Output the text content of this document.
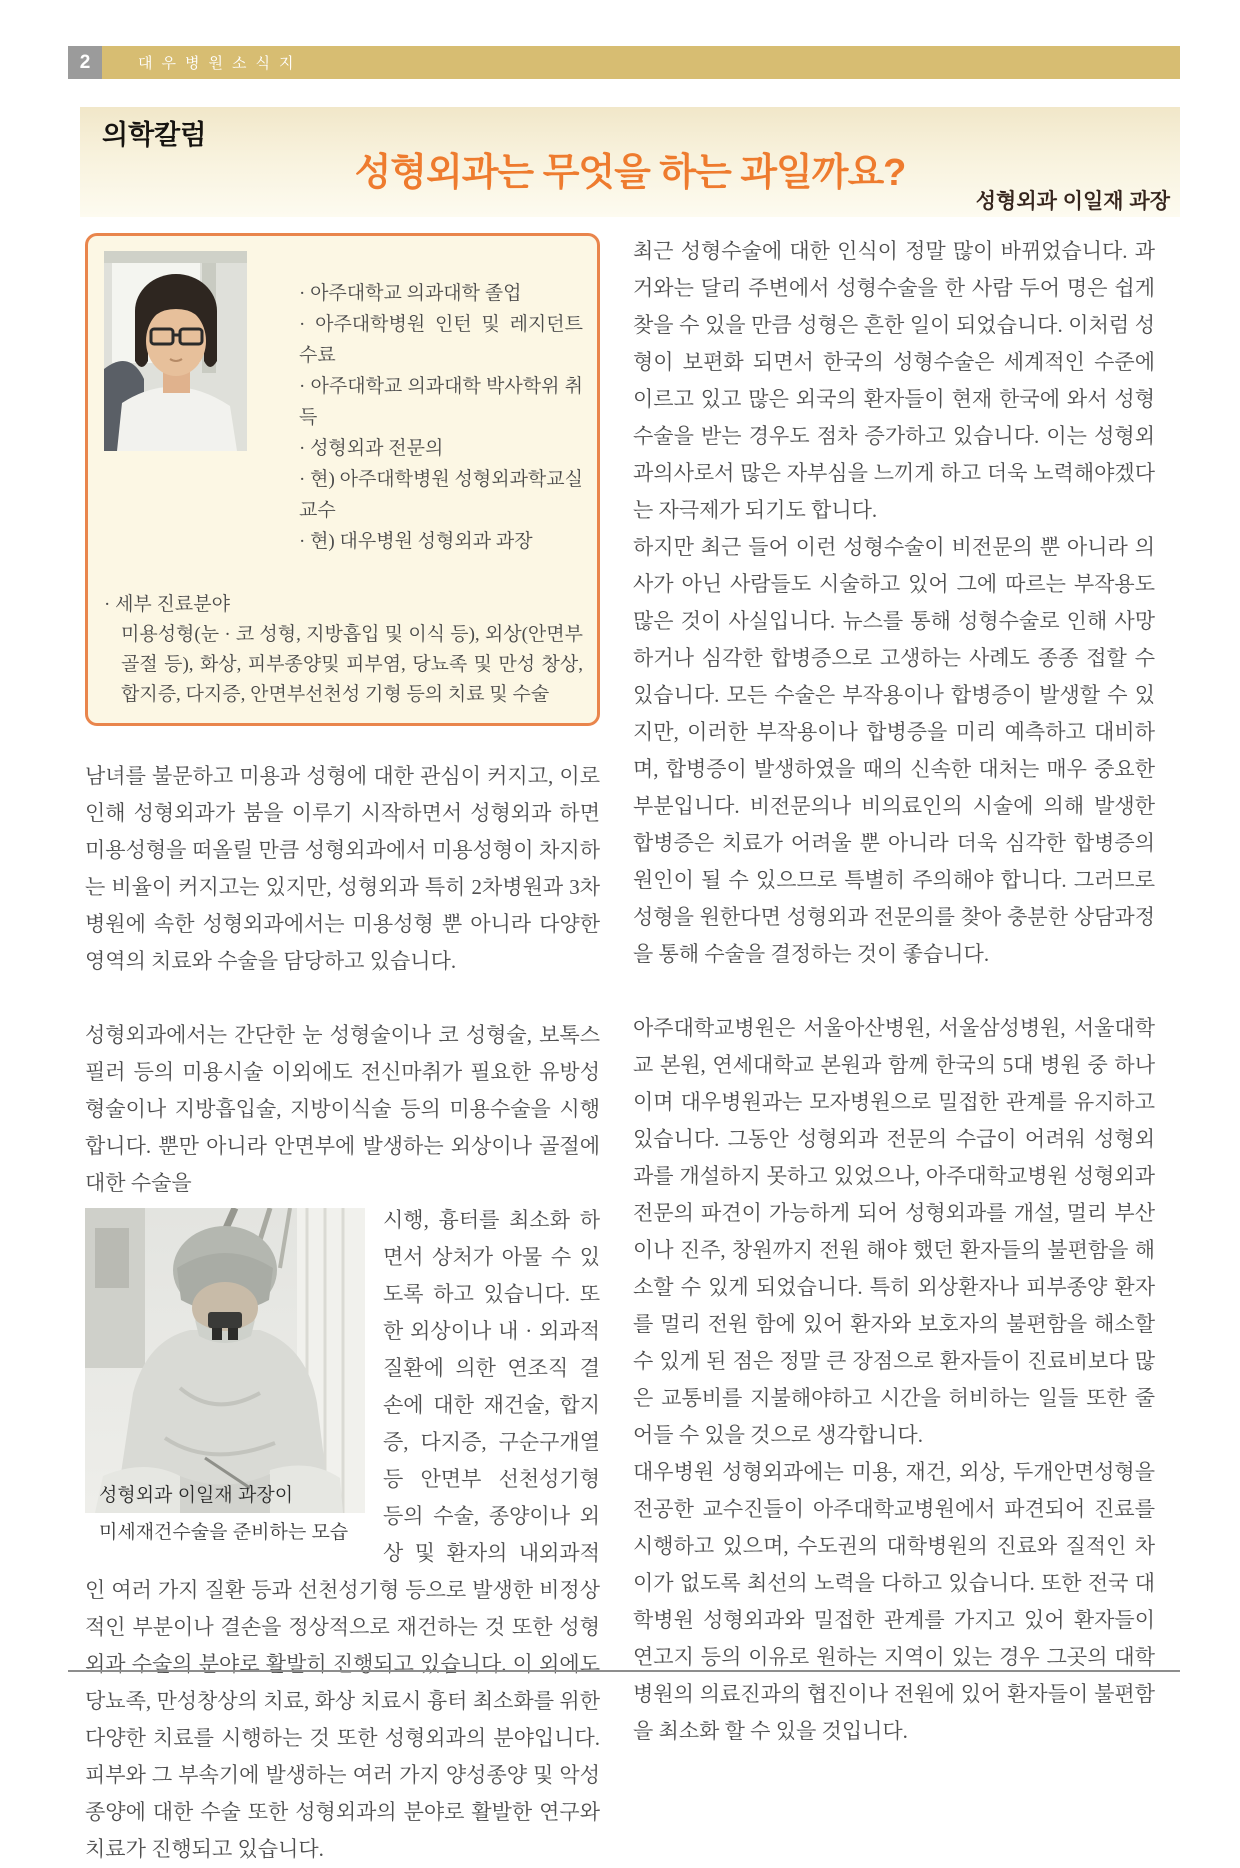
2	대우병원소식지
의학칼럼
성형외과는 무엇을 하는 과일까요?
성형외과 이일재 과장
· 아주대학교 의과대학 졸업
· 아주대학병원 인턴 및 레지던트 수료
· 아주대학교 의과대학 박사학위 취득
· 성형외과 전문의
· 현) 아주대학병원 성형외과학교실 교수
· 현) 대우병원 성형외과 과장
· 세부 진료분야
미용성형(눈 · 코 성형, 지방흡입 및 이식 등), 외상(안면부 골절 등), 화상, 피부종양및 피부염, 당뇨족 및 만성 창상, 합지증, 다지증, 안면부선천성 기형 등의 치료 및 수술

남녀를 불문하고 미용과 성형에 대한 관심이 커지고, 이로 인해 성형외과가 붐을 이루기 시작하면서 성형외과 하면 미용성형을 떠올릴 만큼 성형외과에서 미용성형이 차지하는 비율이 커지고는 있지만, 성형외과 특히 2차병원과 3차병원에 속한 성형외과에서는 미용성형 뿐 아니라 다양한 영역의 치료와 수술을 담당하고 있습니다.

성형외과에서는 간단한 눈 성형술이나 코 성형술, 보톡스 필러 등의 미용시술 이외에도 전신마취가 필요한 유방성형술이나 지방흡입술, 지방이식술 등의 미용수술을 시행합니다. 뿐만 아니라 안면부에 발생하는 외상이나 골절에 대한 수술을

성형외과 이일재 과장이
미세재건수술을 준비하는 모습
시행, 흉터를 최소화 하면서 상처가 아물 수 있도록 하고 있습니다. 또한 외상이나 내 · 외과적 질환에 의한 연조직 결손에 대한 재건술, 합지증, 다지증, 구순구개열 등 안면부 선천성기형 등의 수술, 종양이나 외상 및 환자의 내외과적인 여러 가지 질환 등과 선천성기형 등으로 발생한 비정상적인 부분이나 결손을 정상적으로 재건하는 것 또한 성형외과 수술의 분야로 활발히 진행되고 있습니다. 이 외에도 당뇨족, 만성창상의 치료, 화상 치료시 흉터 최소화를 위한 다양한 치료를 시행하는 것 또한 성형외과의 분야입니다. 피부와 그 부속기에 발생하는 여러 가지 양성종양 및 악성 종양에 대한 수술 또한 성형외과의 분야로 활발한 연구와 치료가 진행되고 있습니다.

최근 성형수술에 대한 인식이 정말 많이 바뀌었습니다. 과거와는 달리 주변에서 성형수술을 한 사람 두어 명은 쉽게 찾을 수 있을 만큼 성형은 흔한 일이 되었습니다. 이처럼 성형이 보편화 되면서 한국의 성형수술은 세계적인 수준에 이르고 있고 많은 외국의 환자들이 현재 한국에 와서 성형수술을 받는 경우도 점차 증가하고 있습니다. 이는 성형외과의사로서 많은 자부심을 느끼게 하고 더욱 노력해야겠다는 자극제가 되기도 합니다.

하지만 최근 들어 이런 성형수술이 비전문의 뿐 아니라 의사가 아닌 사람들도 시술하고 있어 그에 따르는 부작용도 많은 것이 사실입니다. 뉴스를 통해 성형수술로 인해 사망하거나 심각한 합병증으로 고생하는 사례도 종종 접할 수 있습니다. 모든 수술은 부작용이나 합병증이 발생할 수 있지만, 이러한 부작용이나 합병증을 미리 예측하고 대비하며, 합병증이 발생하였을 때의 신속한 대처는 매우 중요한 부분입니다. 비전문의나 비의료인의 시술에 의해 발생한 합병증은 치료가 어려울 뿐 아니라 더욱 심각한 합병증의 원인이 될 수 있으므로 특별히 주의해야 합니다. 그러므로 성형을 원한다면 성형외과 전문의를 찾아 충분한 상담과정을 통해 수술을 결정하는 것이 좋습니다.

아주대학교병원은 서울아산병원, 서울삼성병원, 서울대학교 본원, 연세대학교 본원과 함께 한국의 5대 병원 중 하나이며 대우병원과는 모자병원으로 밀접한 관계를 유지하고 있습니다. 그동안 성형외과 전문의 수급이 어려워 성형외과를 개설하지 못하고 있었으나, 아주대학교병원 성형외과 전문의 파견이 가능하게 되어 성형외과를 개설, 멀리 부산이나 진주, 창원까지 전원 해야 했던 환자들의 불편함을 해소할 수 있게 되었습니다. 특히 외상환자나 피부종양 환자를 멀리 전원 함에 있어 환자와 보호자의 불편함을 해소할 수 있게 된 점은 정말 큰 장점으로 환자들이 진료비보다 많은 교통비를 지불해야하고 시간을 허비하는 일들 또한 줄어들 수 있을 것으로 생각합니다.

대우병원 성형외과에는 미용, 재건, 외상, 두개안면성형을 전공한 교수진들이 아주대학교병원에서 파견되어 진료를 시행하고 있으며, 수도권의 대학병원의 진료와 질적인 차이가 없도록 최선의 노력을 다하고 있습니다. 또한 전국 대학병원 성형외과와 밀접한 관계를 가지고 있어 환자들이 연고지 등의 이유로 원하는 지역이 있는 경우 그곳의 대학병원의 의료진과의 협진이나 전원에 있어 환자들이 불편함을 최소화 할 수 있을 것입니다.
